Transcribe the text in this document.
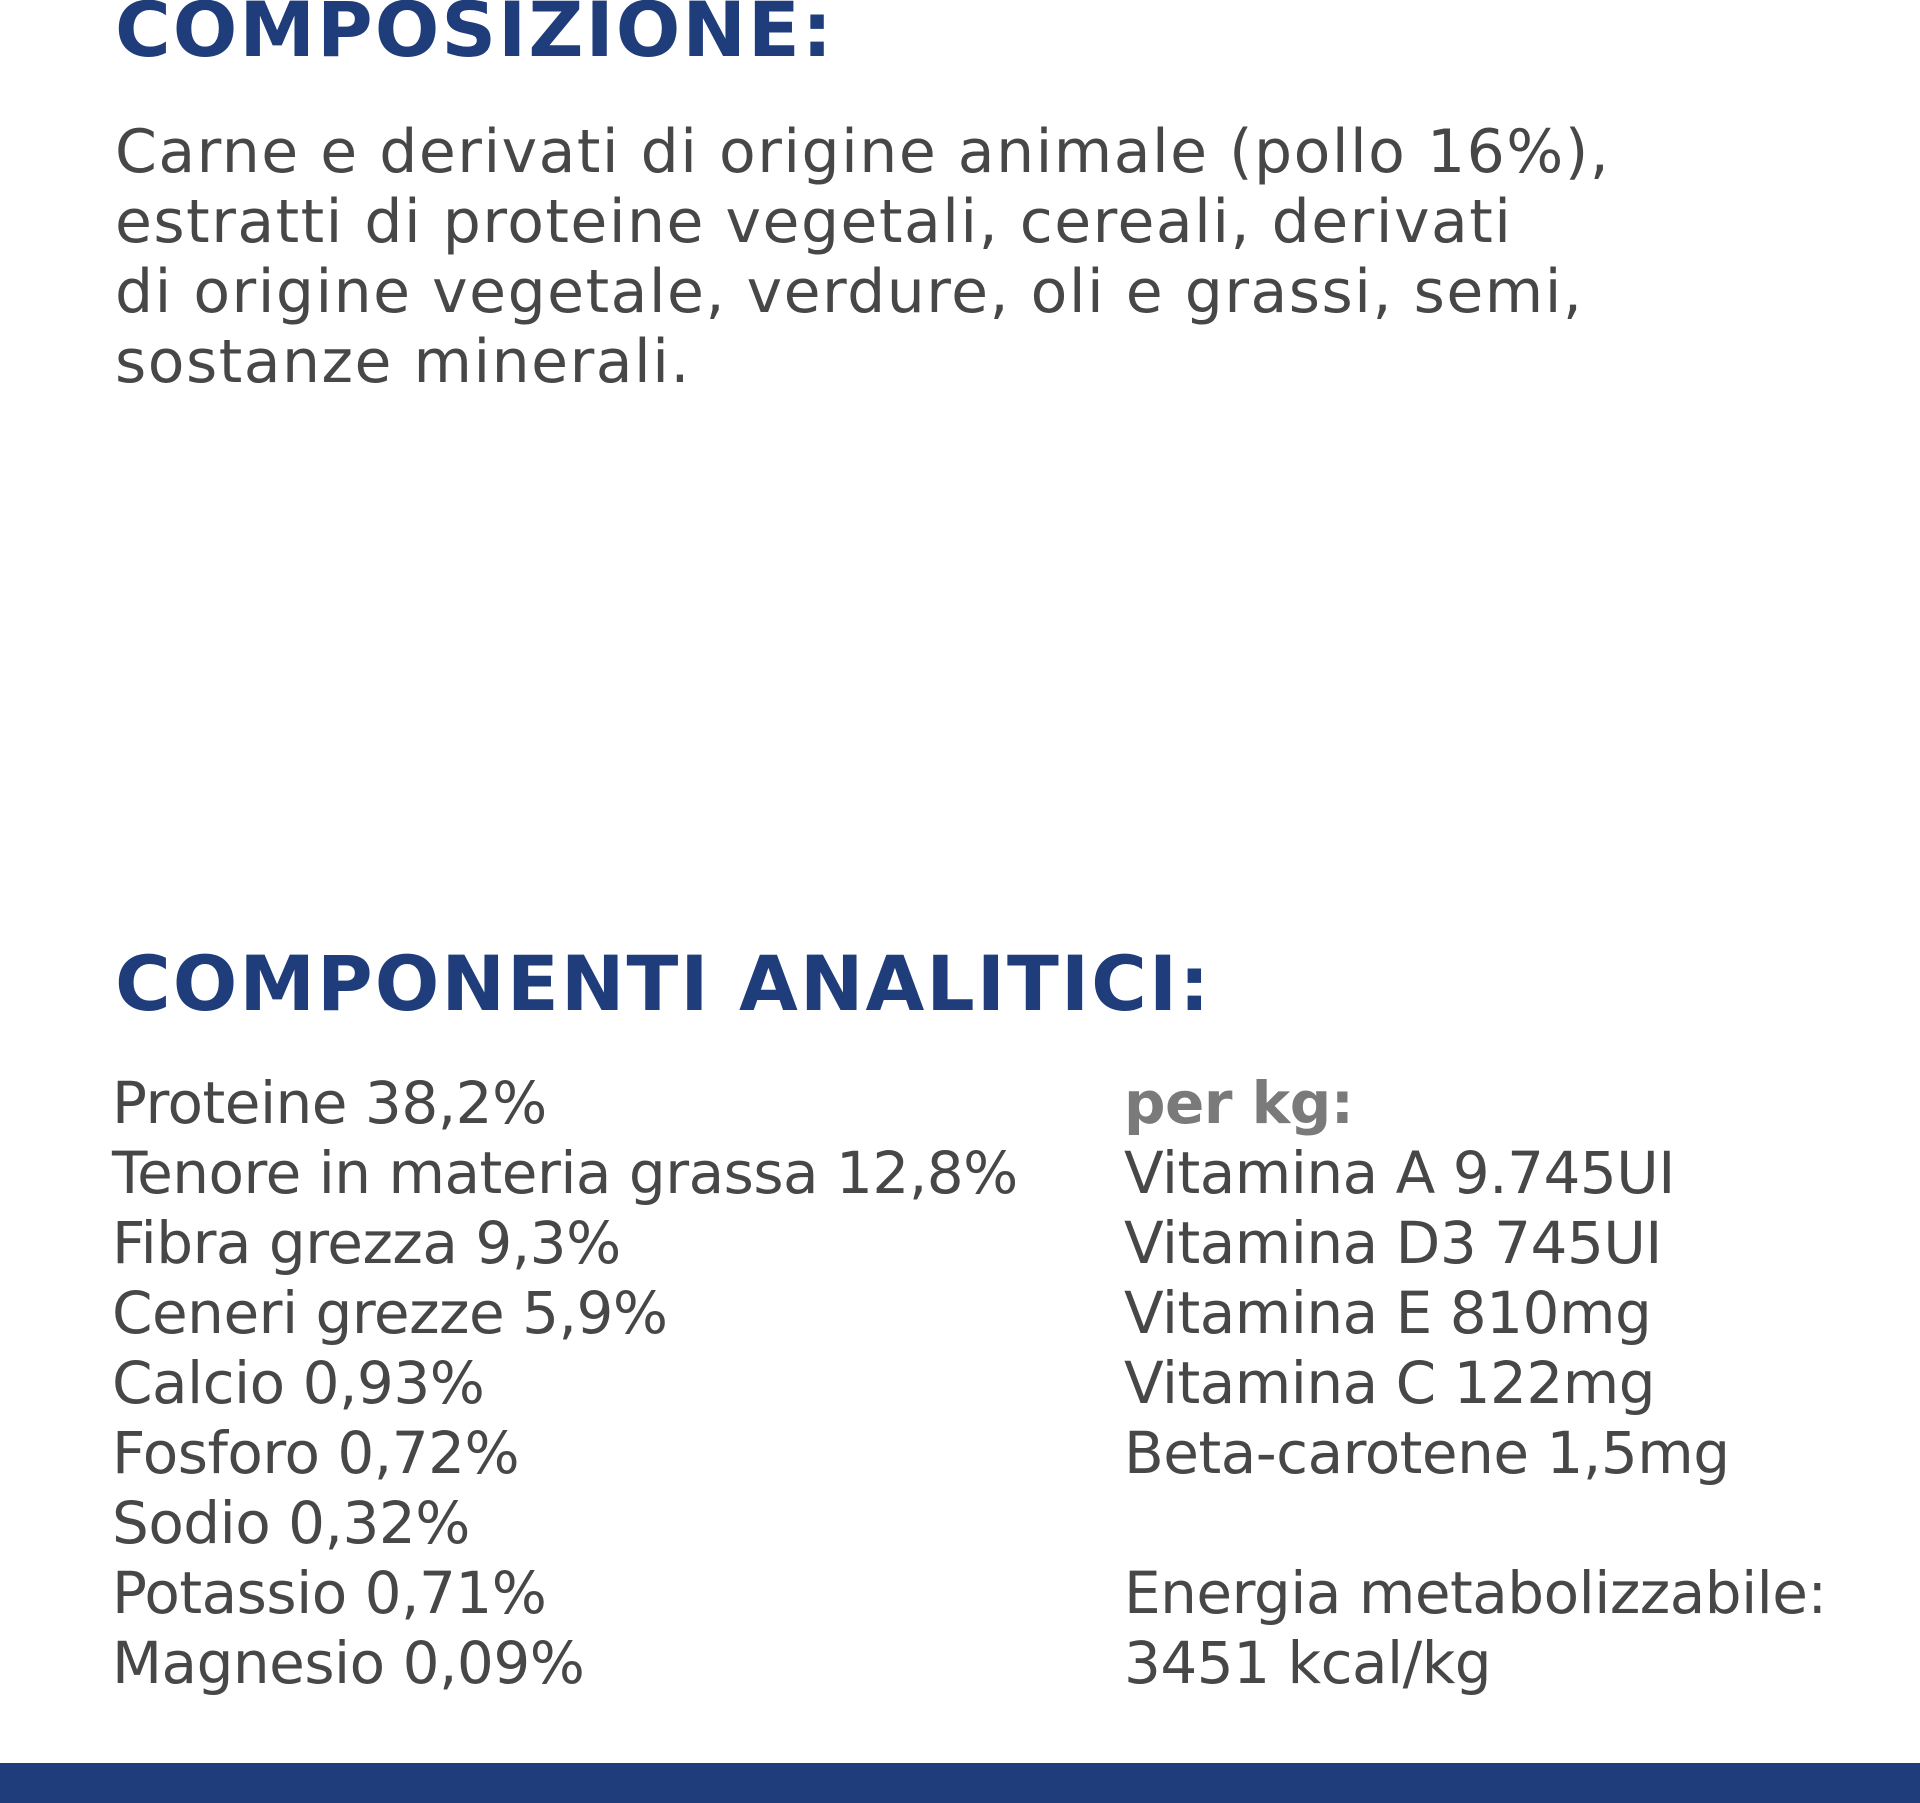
COMPOSIZIONE:
Carne e derivati di origine animale (pollo 16%),
estratti di proteine vegetali, cereali, derivati
di origine vegetale, verdure, oli e grassi, semi,
sostanze minerali.
COMPONENTI ANALITICI:
Proteine 38,2%
Tenore in materia grassa 12,8%
Fibra grezza 9,3%
Ceneri grezze 5,9%
Calcio 0,93%
Fosforo 0,72%
Sodio 0,32%
Potassio 0,71%
Magnesio 0,09%
per kg:
Vitamina A 9.745UI
Vitamina D3 745UI
Vitamina E 810mg
Vitamina C 122mg
Beta-carotene 1,5mg
Energia metabolizzabile:
3451 kcal/kg
